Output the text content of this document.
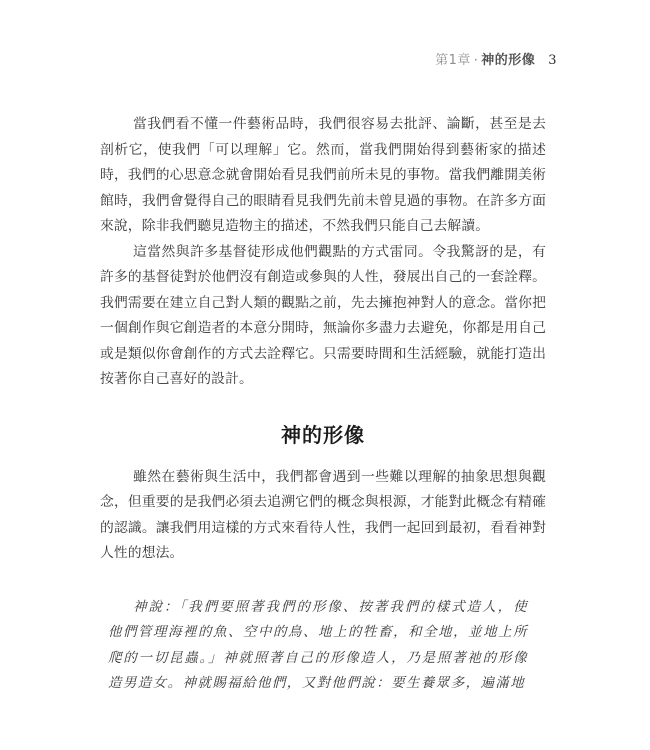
第1章 · 神的形像 3

當我們看不懂一件藝術品時，我們很容易去批評、論斷，甚至是去剖析它，使我們「可以理解」它。然而，當我們開始得到藝術家的描述時，我們的心思意念就會開始看見我們前所未見的事物。當我們離開美術館時，我們會覺得自己的眼睛看見我們先前未曾見過的事物。在許多方面來說，除非我們聽見造物主的描述，不然我們只能自己去解讀。

這當然與許多基督徒形成他們觀點的方式雷同。令我驚訝的是，有許多的基督徒對於他們沒有創造或參與的人性，發展出自己的一套詮釋。我們需要在建立自己對人類的觀點之前，先去擁抱神對人的意念。當你把一個創作與它創造者的本意分開時，無論你多盡力去避免，你都是用自己或是類似你會創作的方式去詮釋它。只需要時間和生活經驗，就能打造出按著你自己喜好的設計。

神的形像

雖然在藝術與生活中，我們都會遇到一些難以理解的抽象思想與觀念，但重要的是我們必須去追溯它們的概念與根源，才能對此概念有精確的認識。讓我們用這樣的方式來看待人性，我們一起回到最初，看看神對人性的想法。

神說：「我們要照著我們的形像、按著我們的樣式造人，使他們管理海裡的魚、空中的鳥、地上的牲畜，和全地，並地上所爬的一切昆蟲。」神就照著自己的形像造人，乃是照著祂的形像造男造女。神就賜福給他們，又對他們說：要生養眾多，遍滿地
